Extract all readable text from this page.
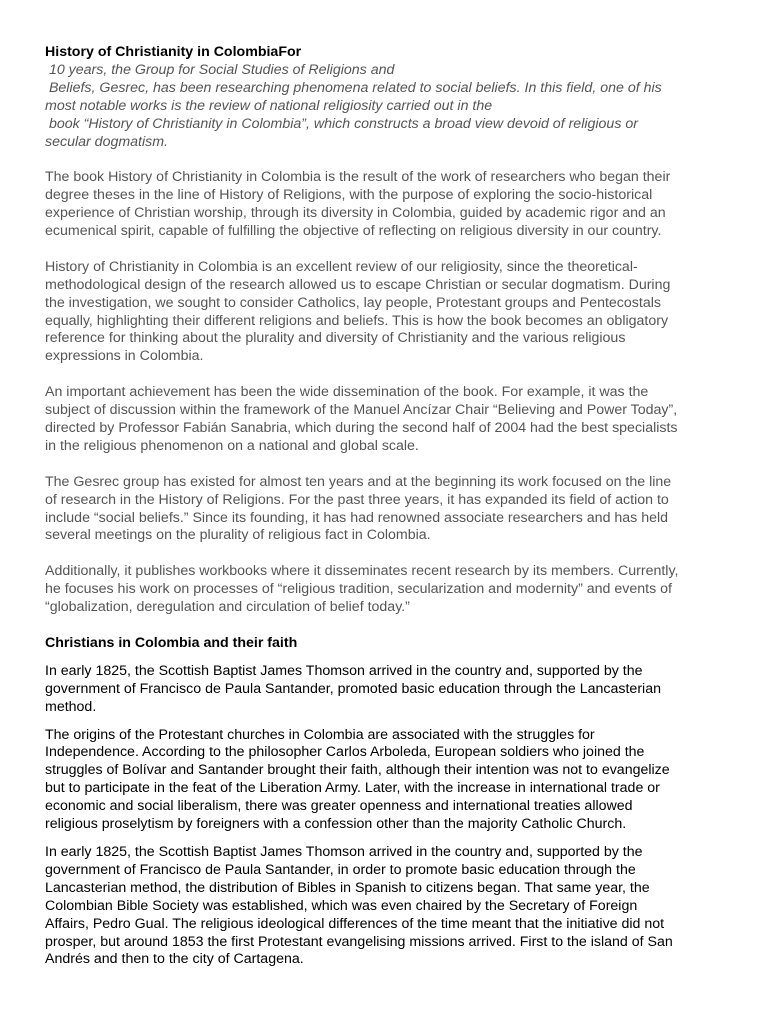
History of Christianity in ColombiaFor
10 years, the Group for Social Studies of Religions and
Beliefs, Gesrec, has been researching phenomena related to social beliefs. In this field, one of his
most notable works is the review of national religiosity carried out in the
book “History of Christianity in Colombia”, which constructs a broad view devoid of religious or
secular dogmatism.
The book History of Christianity in Colombia is the result of the work of researchers who began their
degree theses in the line of History of Religions, with the purpose of exploring the socio-historical
experience of Christian worship, through its diversity in Colombia, guided by academic rigor and an
ecumenical spirit, capable of fulfilling the objective of reflecting on religious diversity in our country.
History of Christianity in Colombia is an excellent review of our religiosity, since the theoretical-
methodological design of the research allowed us to escape Christian or secular dogmatism. During
the investigation, we sought to consider Catholics, lay people, Protestant groups and Pentecostals
equally, highlighting their different religions and beliefs. This is how the book becomes an obligatory
reference for thinking about the plurality and diversity of Christianity and the various religious
expressions in Colombia.
An important achievement has been the wide dissemination of the book. For example, it was the
subject of discussion within the framework of the Manuel Ancízar Chair “Believing and Power Today”,
directed by Professor Fabián Sanabria, which during the second half of 2004 had the best specialists
in the religious phenomenon on a national and global scale.
The Gesrec group has existed for almost ten years and at the beginning its work focused on the line
of research in the History of Religions. For the past three years, it has expanded its field of action to
include “social beliefs.” Since its founding, it has had renowned associate researchers and has held
several meetings on the plurality of religious fact in Colombia.
Additionally, it publishes workbooks where it disseminates recent research by its members. Currently,
he focuses his work on processes of “religious tradition, secularization and modernity” and events of
“globalization, deregulation and circulation of belief today.”
Christians in Colombia and their faith
In early 1825, the Scottish Baptist James Thomson arrived in the country and, supported by the
government of Francisco de Paula Santander, promoted basic education through the Lancasterian
method.
The origins of the Protestant churches in Colombia are associated with the struggles for
Independence. According to the philosopher Carlos Arboleda, European soldiers who joined the
struggles of Bolívar and Santander brought their faith, although their intention was not to evangelize
but to participate in the feat of the Liberation Army. Later, with the increase in international trade or
economic and social liberalism, there was greater openness and international treaties allowed
religious proselytism by foreigners with a confession other than the majority Catholic Church.
In early 1825, the Scottish Baptist James Thomson arrived in the country and, supported by the
government of Francisco de Paula Santander, in order to promote basic education through the
Lancasterian method, the distribution of Bibles in Spanish to citizens began. That same year, the
Colombian Bible Society was established, which was even chaired by the Secretary of Foreign
Affairs, Pedro Gual. The religious ideological differences of the time meant that the initiative did not
prosper, but around 1853 the first Protestant evangelising missions arrived. First to the island of San
Andrés and then to the city of Cartagena.
